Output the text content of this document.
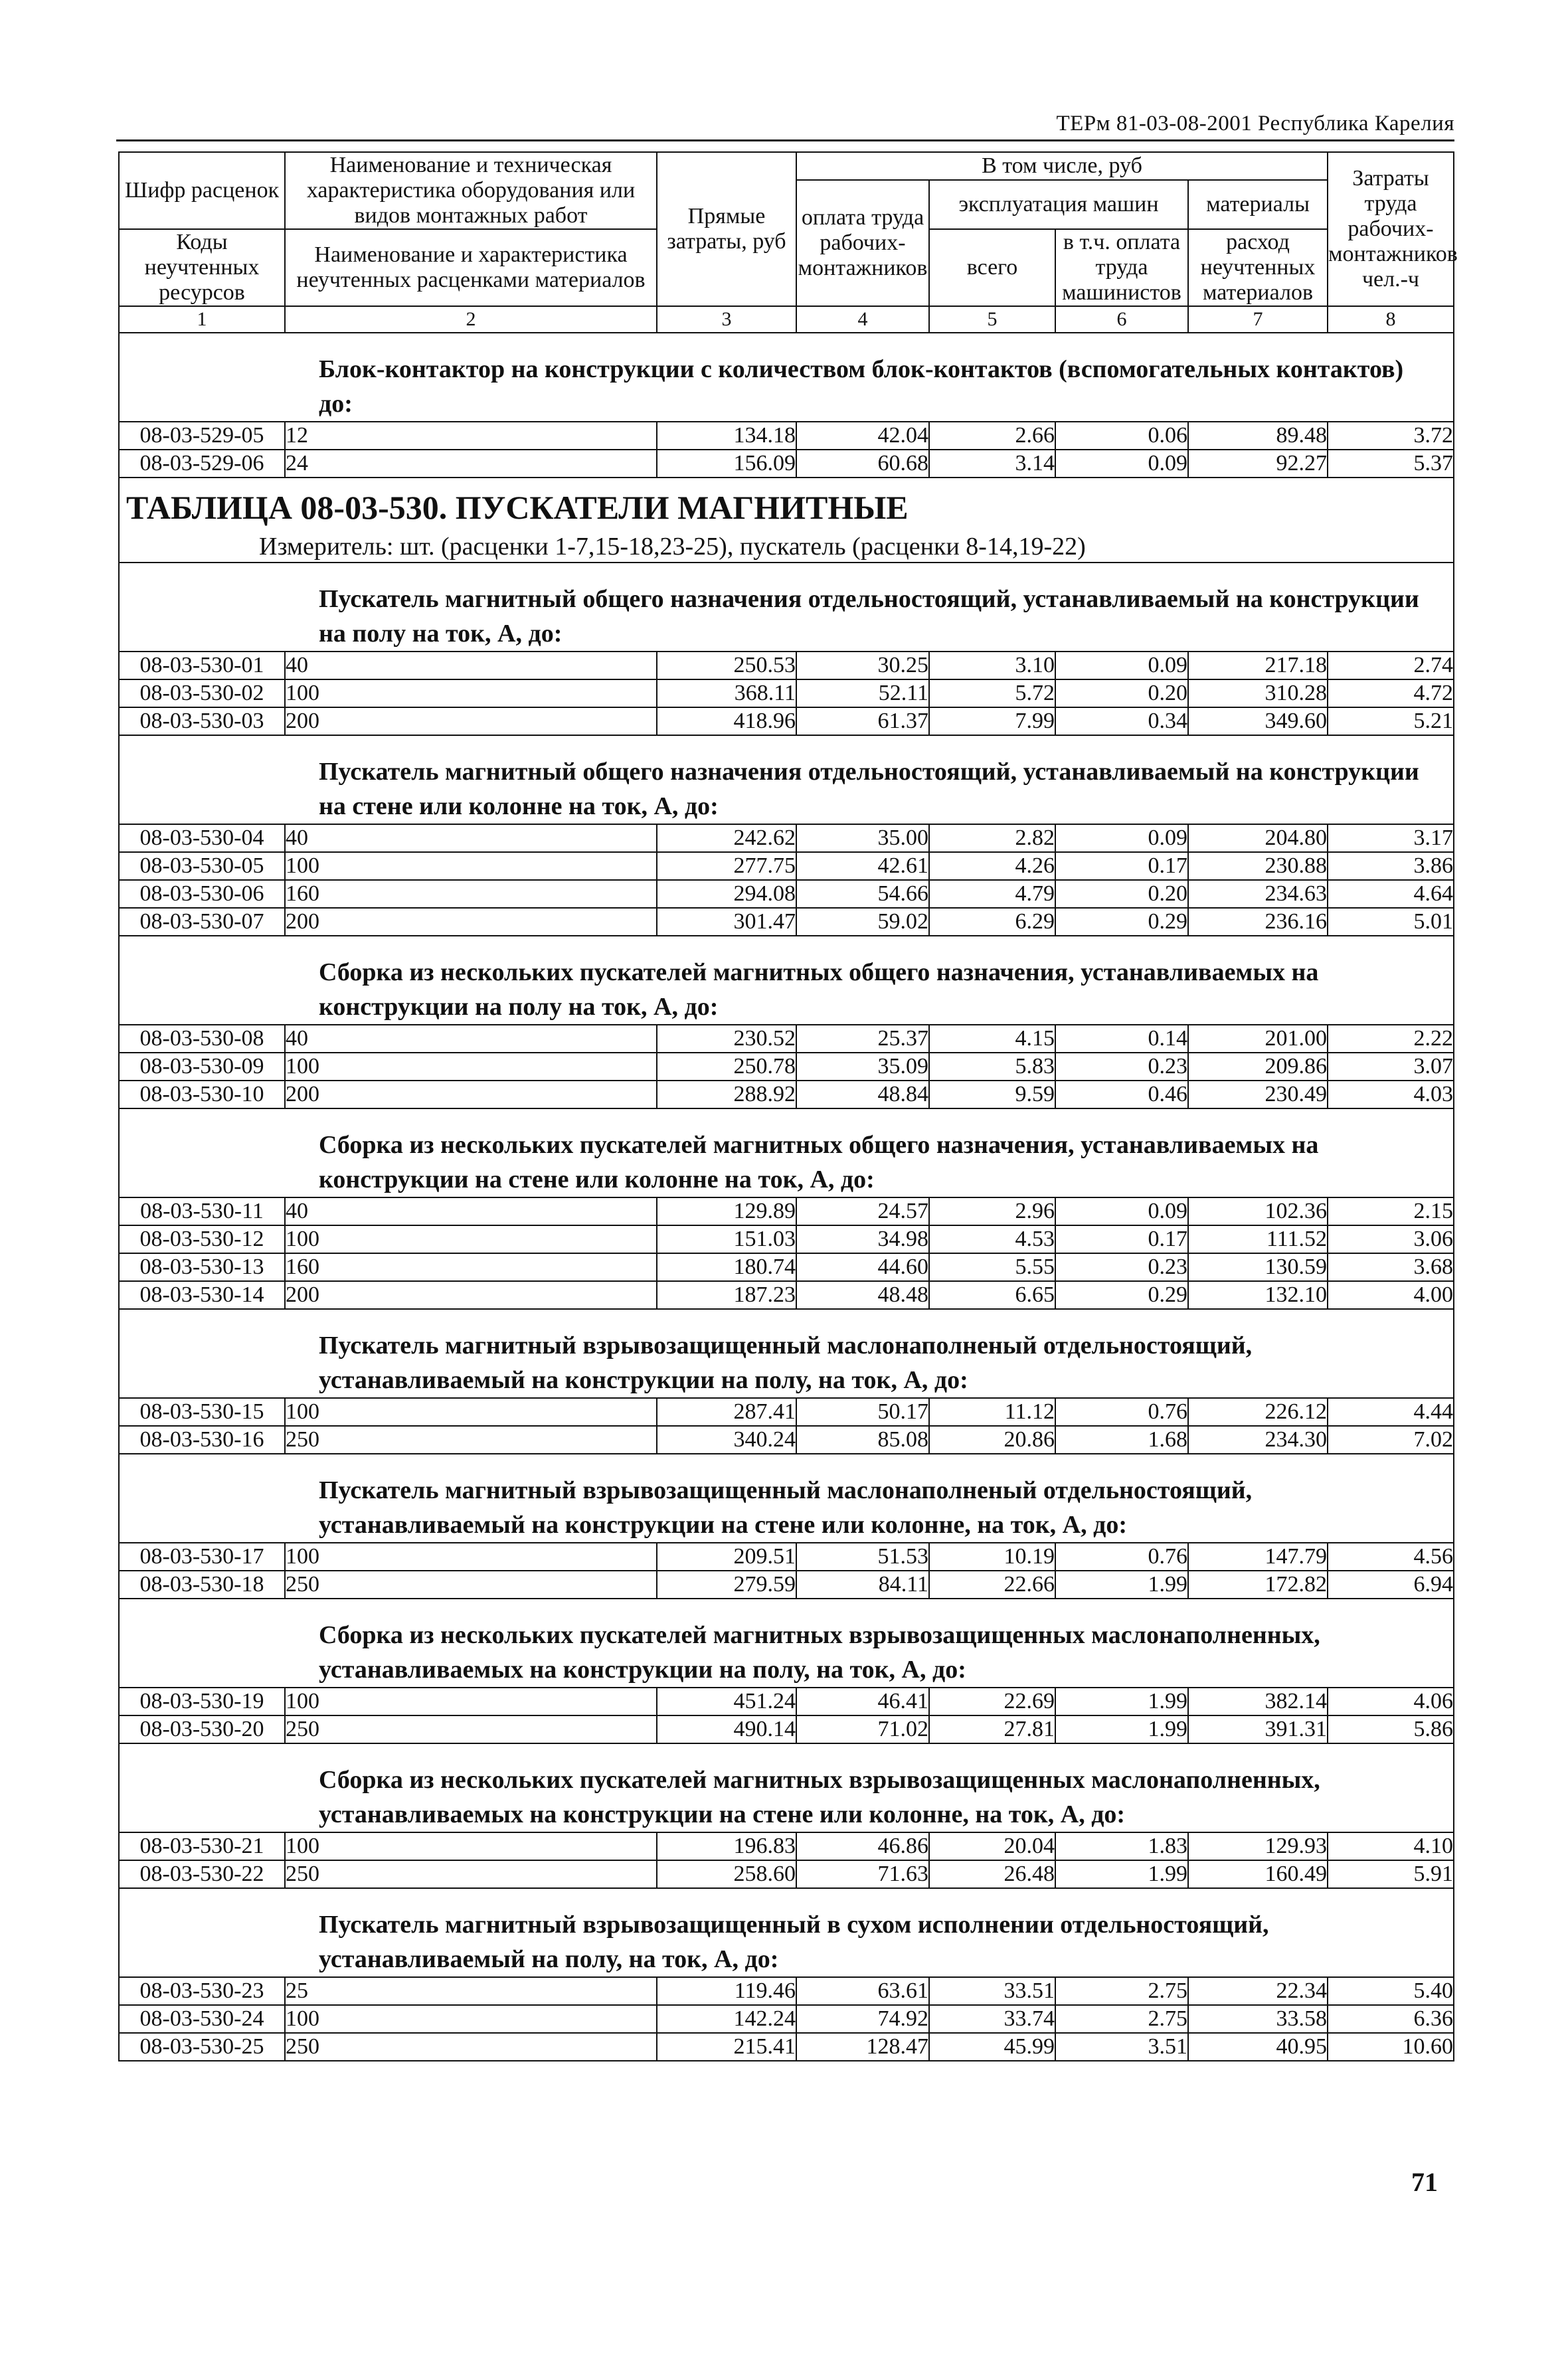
ТЕРм 81-03-08-2001 Республика Карелия
Шифр расценок	Наименование и техническая характеристика оборудования или видов монтажных работ	Прямые затраты, руб	В том числе, руб				Затраты труда рабочих-монтажников чел.-ч
			оплата труда рабочих-монтажников	эксплуатация машин		материалы	
Коды неучтенных ресурсов	Наименование и характеристика неучтенных расценками материалов			всего	в т.ч. оплата труда машинистов	расход неучтенных материалов	

1	2	3	4	5	6	7	8

Блок-контактор на конструкции с количеством блок-контактов (вспомогательных контактов) до:							

08-03-529-05	12	134.18	42.04	2.66	0.06	89.48	3.72
08-03-529-06	24	156.09	60.68	3.14	0.09	92.27	5.37

ТАБЛИЦА 08-03-530. ПУСКАТЕЛИ МАГНИТНЫЕ
Измеритель: шт. (расценки 1-7,15-18,23-25), пускатель (расценки 8-14,19-22)							

Пускатель магнитный общего назначения отдельностоящий, устанавливаемый на конструкции на полу на ток, А, до:							

08-03-530-01	40	250.53	30.25	3.10	0.09	217.18	2.74
08-03-530-02	100	368.11	52.11	5.72	0.20	310.28	4.72
08-03-530-03	200	418.96	61.37	7.99	0.34	349.60	5.21

Пускатель магнитный общего назначения отдельностоящий, устанавливаемый на конструкции на стене или колонне на ток, А, до:							

08-03-530-04	40	242.62	35.00	2.82	0.09	204.80	3.17
08-03-530-05	100	277.75	42.61	4.26	0.17	230.88	3.86
08-03-530-06	160	294.08	54.66	4.79	0.20	234.63	4.64
08-03-530-07	200	301.47	59.02	6.29	0.29	236.16	5.01

Сборка из нескольких пускателей магнитных общего назначения, устанавливаемых на конструкции на полу на ток, А, до:							

08-03-530-08	40	230.52	25.37	4.15	0.14	201.00	2.22
08-03-530-09	100	250.78	35.09	5.83	0.23	209.86	3.07
08-03-530-10	200	288.92	48.84	9.59	0.46	230.49	4.03

Сборка из нескольких пускателей магнитных общего назначения, устанавливаемых на конструкции на стене или колонне на ток, А, до:							

08-03-530-11	40	129.89	24.57	2.96	0.09	102.36	2.15
08-03-530-12	100	151.03	34.98	4.53	0.17	111.52	3.06
08-03-530-13	160	180.74	44.60	5.55	0.23	130.59	3.68
08-03-530-14	200	187.23	48.48	6.65	0.29	132.10	4.00

Пускатель магнитный взрывозащищенный маслонаполненый отдельностоящий, устанавливаемый на конструкции на полу, на ток, А, до:							

08-03-530-15	100	287.41	50.17	11.12	0.76	226.12	4.44
08-03-530-16	250	340.24	85.08	20.86	1.68	234.30	7.02

Пускатель магнитный взрывозащищенный маслонаполненый отдельностоящий, устанавливаемый на конструкции на стене или колонне, на ток, А, до:							

08-03-530-17	100	209.51	51.53	10.19	0.76	147.79	4.56
08-03-530-18	250	279.59	84.11	22.66	1.99	172.82	6.94

Сборка из нескольких пускателей магнитных взрывозащищенных маслонаполненных, устанавливаемых на конструкции на полу, на ток, А, до:							

08-03-530-19	100	451.24	46.41	22.69	1.99	382.14	4.06
08-03-530-20	250	490.14	71.02	27.81	1.99	391.31	5.86

Сборка из нескольких пускателей магнитных взрывозащищенных маслонаполненных, устанавливаемых на конструкции на стене или колонне, на ток, А, до:							

08-03-530-21	100	196.83	46.86	20.04	1.83	129.93	4.10
08-03-530-22	250	258.60	71.63	26.48	1.99	160.49	5.91

Пускатель магнитный взрывозащищенный в сухом исполнении отдельностоящий, устанавливаемый на полу, на ток, А, до:							

08-03-530-23	25	119.46	63.61	33.51	2.75	22.34	5.40
08-03-530-24	100	142.24	74.92	33.74	2.75	33.58	6.36
08-03-530-25	250	215.41	128.47	45.99	3.51	40.95	10.60
71
